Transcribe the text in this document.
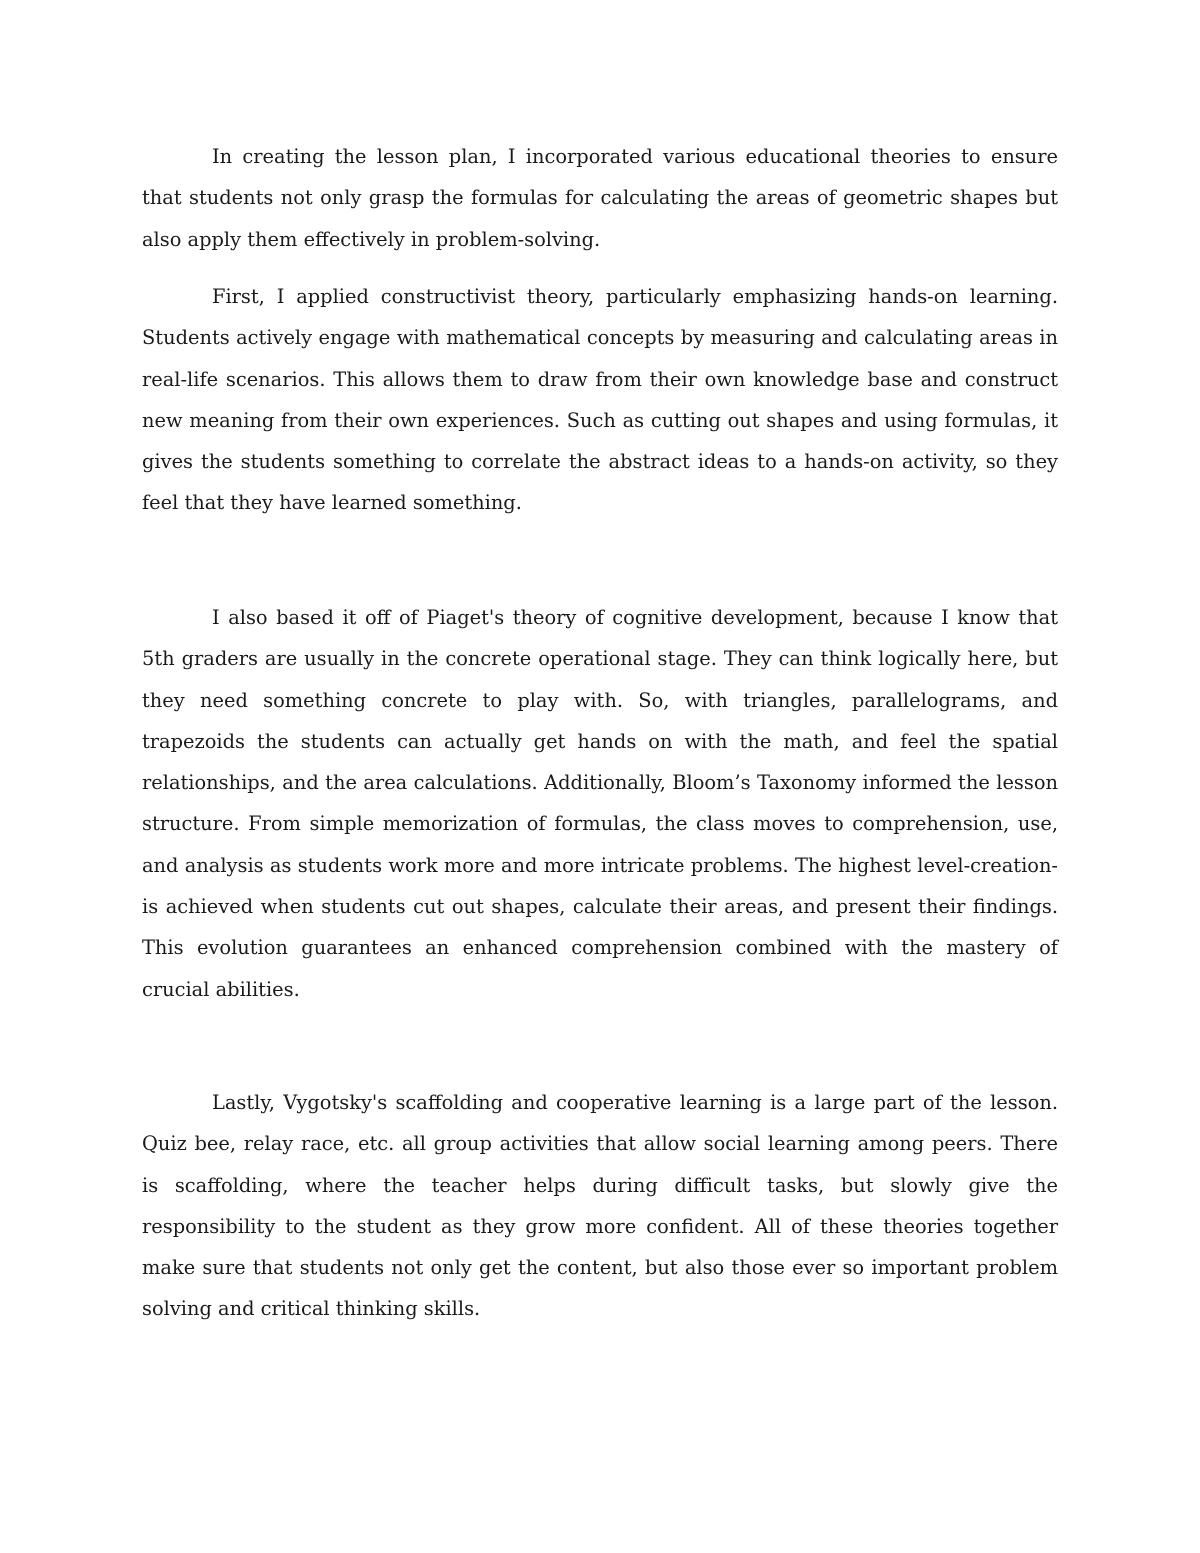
In creating the lesson plan, I incorporated various educational theories to ensure that students not only grasp the formulas for calculating the areas of geometric shapes but also apply them effectively in problem-solving.

First, I applied constructivist theory, particularly emphasizing hands-on learning. Students actively engage with mathematical concepts by measuring and calculating areas in real-life scenarios. This allows them to draw from their own knowledge base and construct new meaning from their own experiences. Such as cutting out shapes and using formulas, it gives the students something to correlate the abstract ideas to a hands-on activity, so they feel that they have learned something.

I also based it off of Piaget's theory of cognitive development, because I know that 5th graders are usually in the concrete operational stage. They can think logically here, but they need something concrete to play with. So, with triangles, parallelograms, and trapezoids the students can actually get hands on with the math, and feel the spatial relationships, and the area calculations. Additionally, Bloom’s Taxonomy informed the lesson structure. From simple memorization of formulas, the class moves to comprehension, use, and analysis as students work more and more intricate problems. The highest level-creation-is achieved when students cut out shapes, calculate their areas, and present their findings. This evolution guarantees an enhanced comprehension combined with the mastery of crucial abilities.

Lastly, Vygotsky's scaffolding and cooperative learning is a large part of the lesson. Quiz bee, relay race, etc. all group activities that allow social learning among peers. There is scaffolding, where the teacher helps during difficult tasks, but slowly give the responsibility to the student as they grow more confident. All of these theories together make sure that students not only get the content, but also those ever so important problem solving and critical thinking skills.
